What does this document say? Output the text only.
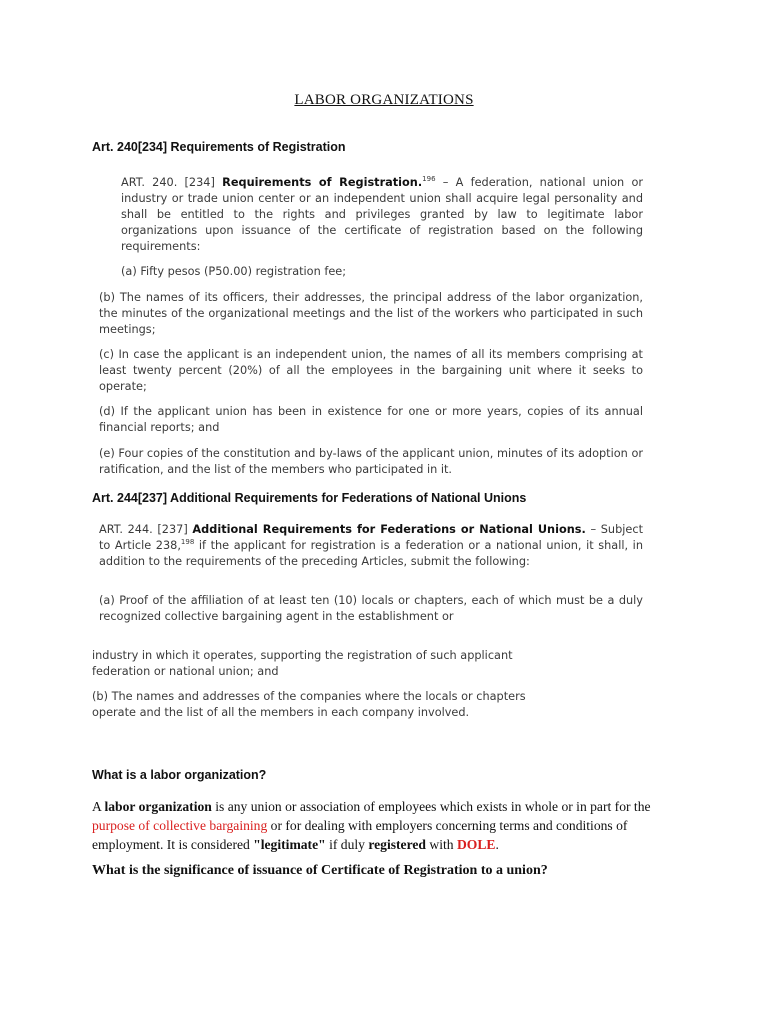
LABOR ORGANIZATIONS
Art. 240[234] Requirements of Registration
ART. 240. [234] Requirements of Registration.$^{196}$ – A federation, national union or industry or trade union center or an independent union shall acquire legal personality and shall be entitled to the rights and privileges granted by law to legitimate labor organizations upon issuance of the certificate of registration based on the following requirements:
(a) Fifty pesos (P50.00) registration fee;
(b) The names of its officers, their addresses, the principal address of the labor organization, the minutes of the organizational meetings and the list of the workers who participated in such meetings;
(c) In case the applicant is an independent union, the names of all its members comprising at least twenty percent (20%) of all the employees in the bargaining unit where it seeks to operate;
(d) If the applicant union has been in existence for one or more years, copies of its annual financial reports; and
(e) Four copies of the constitution and by-laws of the applicant union, minutes of its adoption or ratification, and the list of the members who participated in it.
Art. 244[237] Additional Requirements for Federations of National Unions
ART. 244. [237] Additional Requirements for Federations or National Unions. – Subject to Article 238,$^{198}$ if the applicant for registration is a federation or a national union, it shall, in addition to the requirements of the preceding Articles, submit the following:
(a) Proof of the affiliation of at least ten (10) locals or chapters, each of which must be a duly recognized collective bargaining agent in the establishment or
industry in which it operates, supporting the registration of such applicant federation or national union; and
(b) The names and addresses of the companies where the locals or chapters operate and the list of all the members in each company involved.
What is a labor organization?
A labor organization is any union or association of employees which exists in whole or in part for the purpose of collective bargaining or for dealing with employers concerning terms and conditions of employment. It is considered "legitimate" if duly registered with DOLE.
What is the significance of issuance of Certificate of Registration to a union?
